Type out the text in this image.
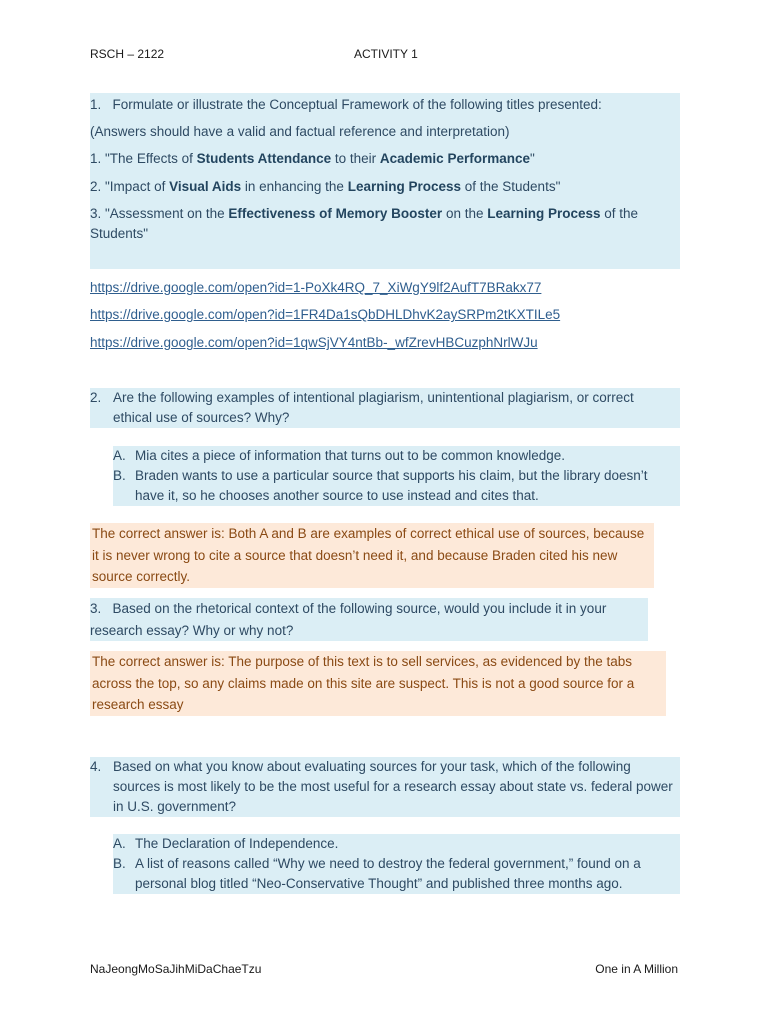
RSCH – 2122	ACTIVITY 1
1. Formulate or illustrate the Conceptual Framework of the following titles presented:
(Answers should have a valid and factual reference and interpretation)
1. "The Effects of Students Attendance to their Academic Performance"
2. "Impact of Visual Aids in enhancing the Learning Process of the Students"
3. "Assessment on the Effectiveness of Memory Booster on the Learning Process of the
Students"
https://drive.google.com/open?id=1-PoXk4RQ_7_XiWgY9lf2AufT7BRakx77
https://drive.google.com/open?id=1FR4Da1sQbDHLDhvK2aySRPm2tKXTILe5
https://drive.google.com/open?id=1qwSjVY4ntBb-_wfZrevHBCuzphNrlWJu
2. Are the following examples of intentional plagiarism, unintentional plagiarism, or correct ethical use of sources? Why?
A. Mia cites a piece of information that turns out to be common knowledge.
B. Braden wants to use a particular source that supports his claim, but the library doesn’t have it, so he chooses another source to use instead and cites that.
The correct answer is: Both A and B are examples of correct ethical use of sources, because it is never wrong to cite a source that doesn’t need it, and because Braden cited his new source correctly.
3. Based on the rhetorical context of the following source, would you include it in your research essay? Why or why not?
The correct answer is: The purpose of this text is to sell services, as evidenced by the tabs across the top, so any claims made on this site are suspect. This is not a good source for a research essay
4. Based on what you know about evaluating sources for your task, which of the following sources is most likely to be the most useful for a research essay about state vs. federal power in U.S. government?
A. The Declaration of Independence.
B. A list of reasons called “Why we need to destroy the federal government,” found on a personal blog titled “Neo-Conservative Thought” and published three months ago.
NaJeongMoSaJihMiDaChaeTzu	One in A Million
